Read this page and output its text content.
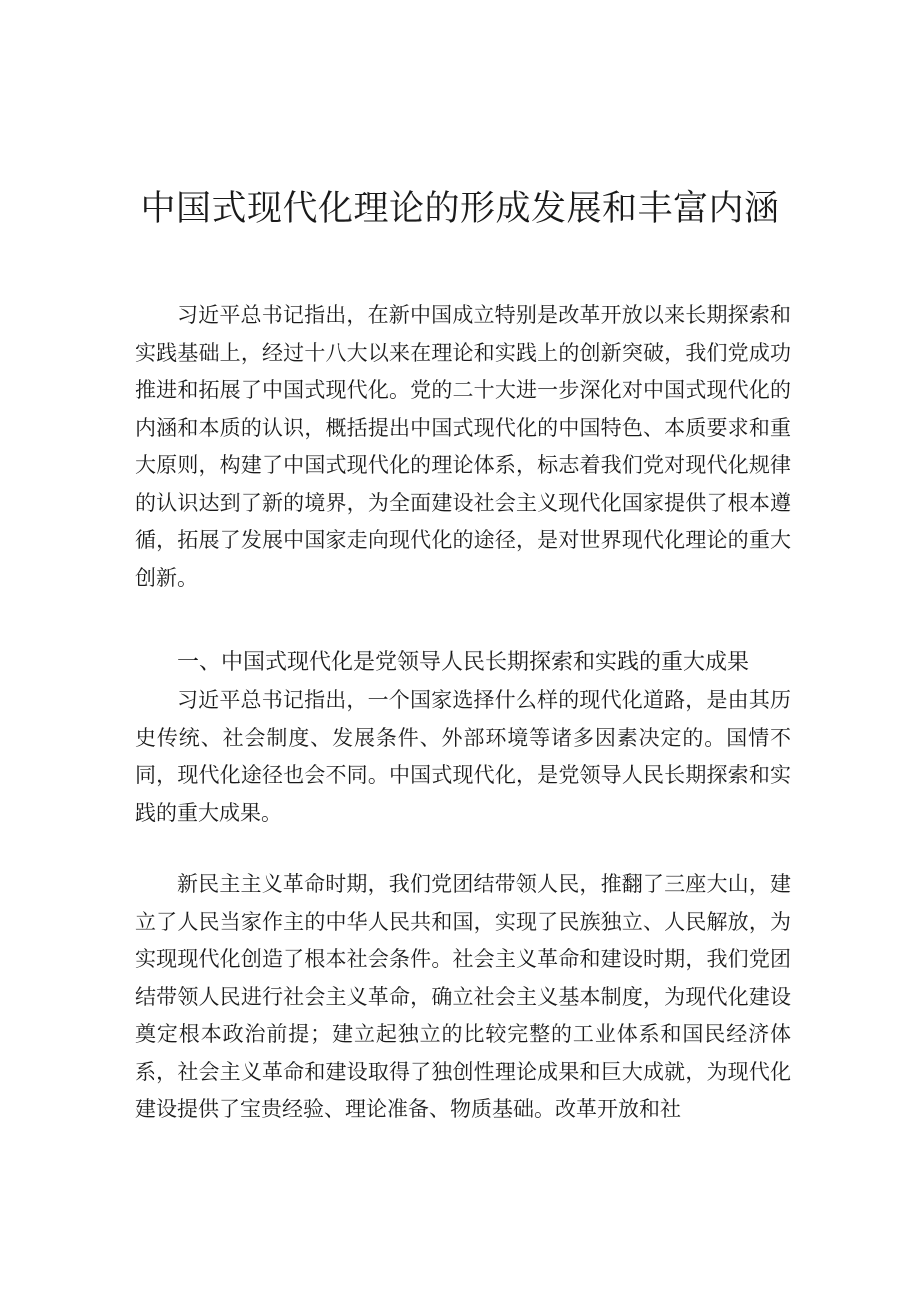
中国式现代化理论的形成发展和丰富内涵

习近平总书记指出，在新中国成立特别是改革开放以来长期探索和实践基础上，经过十八大以来在理论和实践上的创新突破，我们党成功推进和拓展了中国式现代化。党的二十大进一步深化对中国式现代化的内涵和本质的认识，概括提出中国式现代化的中国特色、本质要求和重大原则，构建了中国式现代化的理论体系，标志着我们党对现代化规律的认识达到了新的境界，为全面建设社会主义现代化国家提供了根本遵循，拓展了发展中国家走向现代化的途径，是对世界现代化理论的重大创新。

一、中国式现代化是党领导人民长期探索和实践的重大成果

习近平总书记指出，一个国家选择什么样的现代化道路，是由其历史传统、社会制度、发展条件、外部环境等诸多因素决定的。国情不同，现代化途径也会不同。中国式现代化，是党领导人民长期探索和实践的重大成果。

新民主主义革命时期，我们党团结带领人民，推翻了三座大山，建立了人民当家作主的中华人民共和国，实现了民族独立、人民解放，为实现现代化创造了根本社会条件。社会主义革命和建设时期，我们党团结带领人民进行社会主义革命，确立社会主义基本制度，为现代化建设奠定根本政治前提；建立起独立的比较完整的工业体系和国民经济体系，社会主义革命和建设取得了独创性理论成果和巨大成就，为现代化建设提供了宝贵经验、理论准备、物质基础。改革开放和社
